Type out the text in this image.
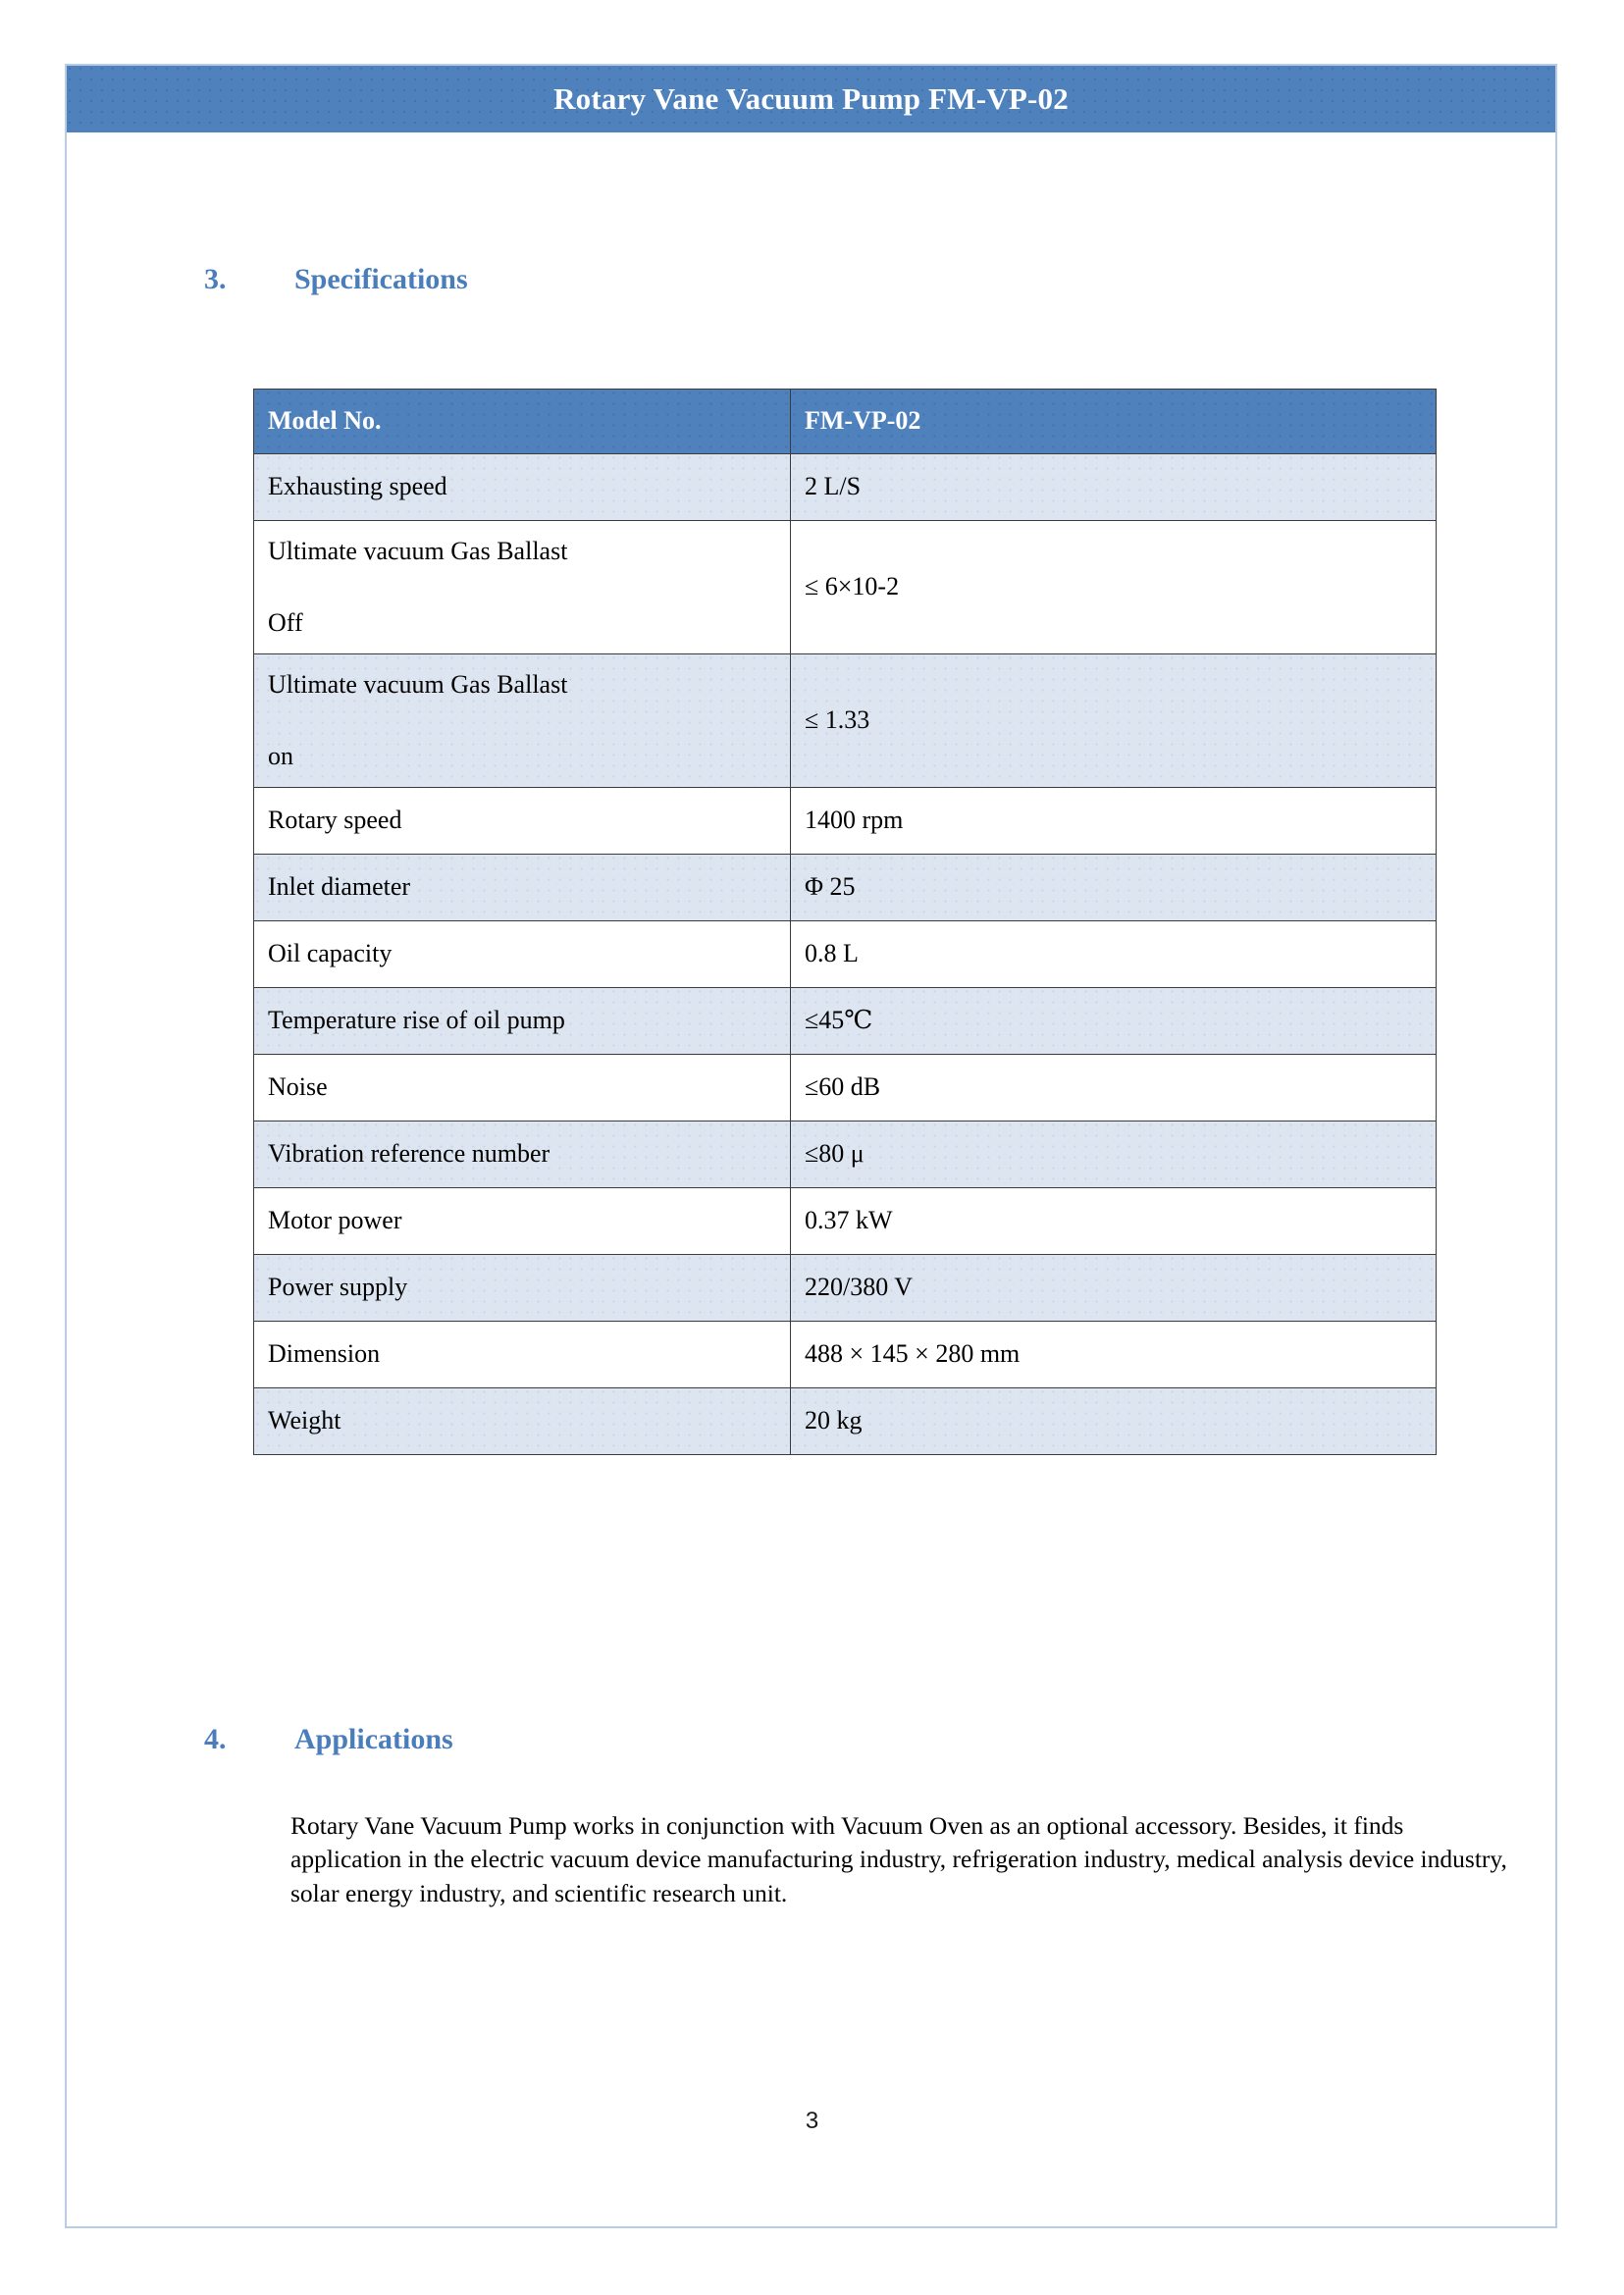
Rotary Vane Vacuum Pump FM-VP-02
3. Specifications
Model No.	FM-VP-02
Exhausting speed	2 L/S

Ultimate vacuum Gas Ballast
Off	≤ 6×10-2

Ultimate vacuum Gas Ballast
on	≤ 1.33
Rotary speed	1400 rpm
Inlet diameter	Φ 25
Oil capacity	0.8 L
Temperature rise of oil pump	≤45℃
Noise	≤60 dB
Vibration reference number	≤80 μ
Motor power	0.37 kW
Power supply	220/380 V
Dimension	488 × 145 × 280 mm
Weight	20 kg
4. Applications

Rotary Vane Vacuum Pump works in conjunction with Vacuum Oven as an optional accessory. Besides, it finds application in the electric vacuum device manufacturing industry, refrigeration industry, medical analysis device industry, solar energy industry, and scientific research unit.

3
